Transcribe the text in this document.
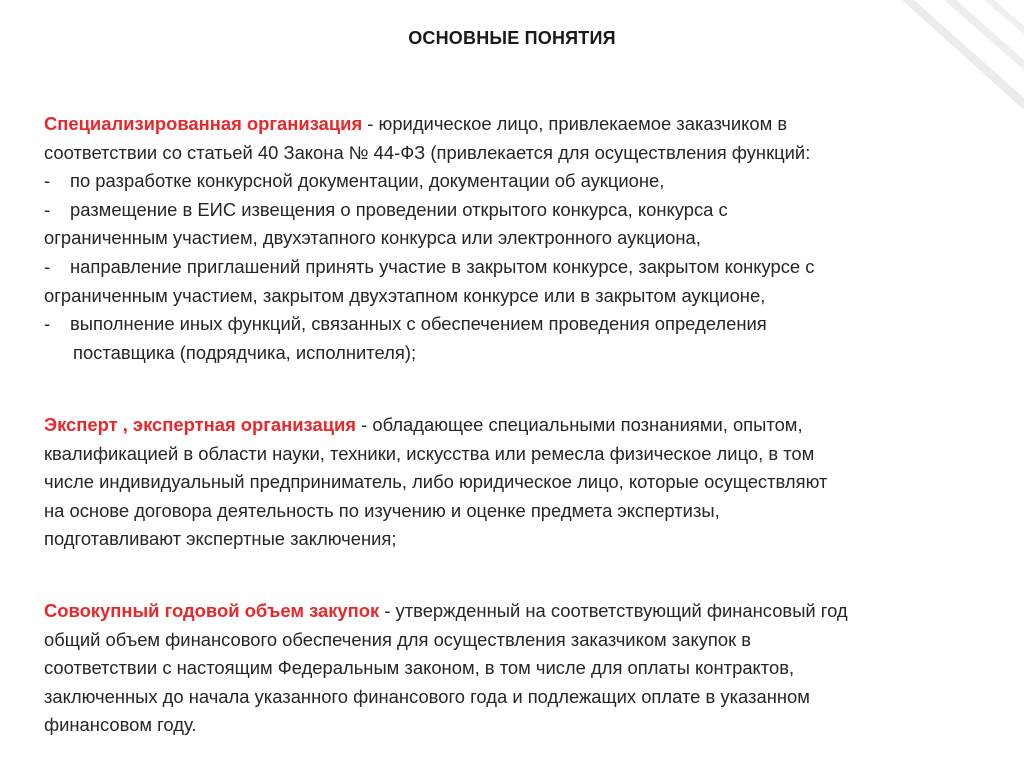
ОСНОВНЫЕ ПОНЯТИЯ
Специализированная организация - юридическое лицо, привлекаемое заказчиком в
соответствии со статьей 40 Закона № 44-ФЗ (привлекается для осуществления функций:
- по разработке конкурсной документации, документации об аукционе,
- размещение в ЕИС извещения о проведении открытого конкурса, конкурса с
ограниченным участием, двухэтапного конкурса или электронного аукциона,
- направление приглашений принять участие в закрытом конкурсе, закрытом конкурсе с
ограниченным участием, закрытом двухэтапном конкурсе или в закрытом аукционе,
- выполнение иных функций, связанных с обеспечением проведения определения
поставщика (подрядчика, исполнителя);
Эксперт , экспертная организация - обладающее специальными познаниями, опытом,
квалификацией в области науки, техники, искусства или ремесла физическое лицо, в том
числе индивидуальный предприниматель, либо юридическое лицо, которые осуществляют
на основе договора деятельность по изучению и оценке предмета экспертизы,
подготавливают экспертные заключения;
Совокупный годовой объем закупок - утвержденный на соответствующий финансовый год
общий объем финансового обеспечения для осуществления заказчиком закупок в
соответствии с настоящим Федеральным законом, в том числе для оплаты контрактов,
заключенных до начала указанного финансового года и подлежащих оплате в указанном
финансовом году.
